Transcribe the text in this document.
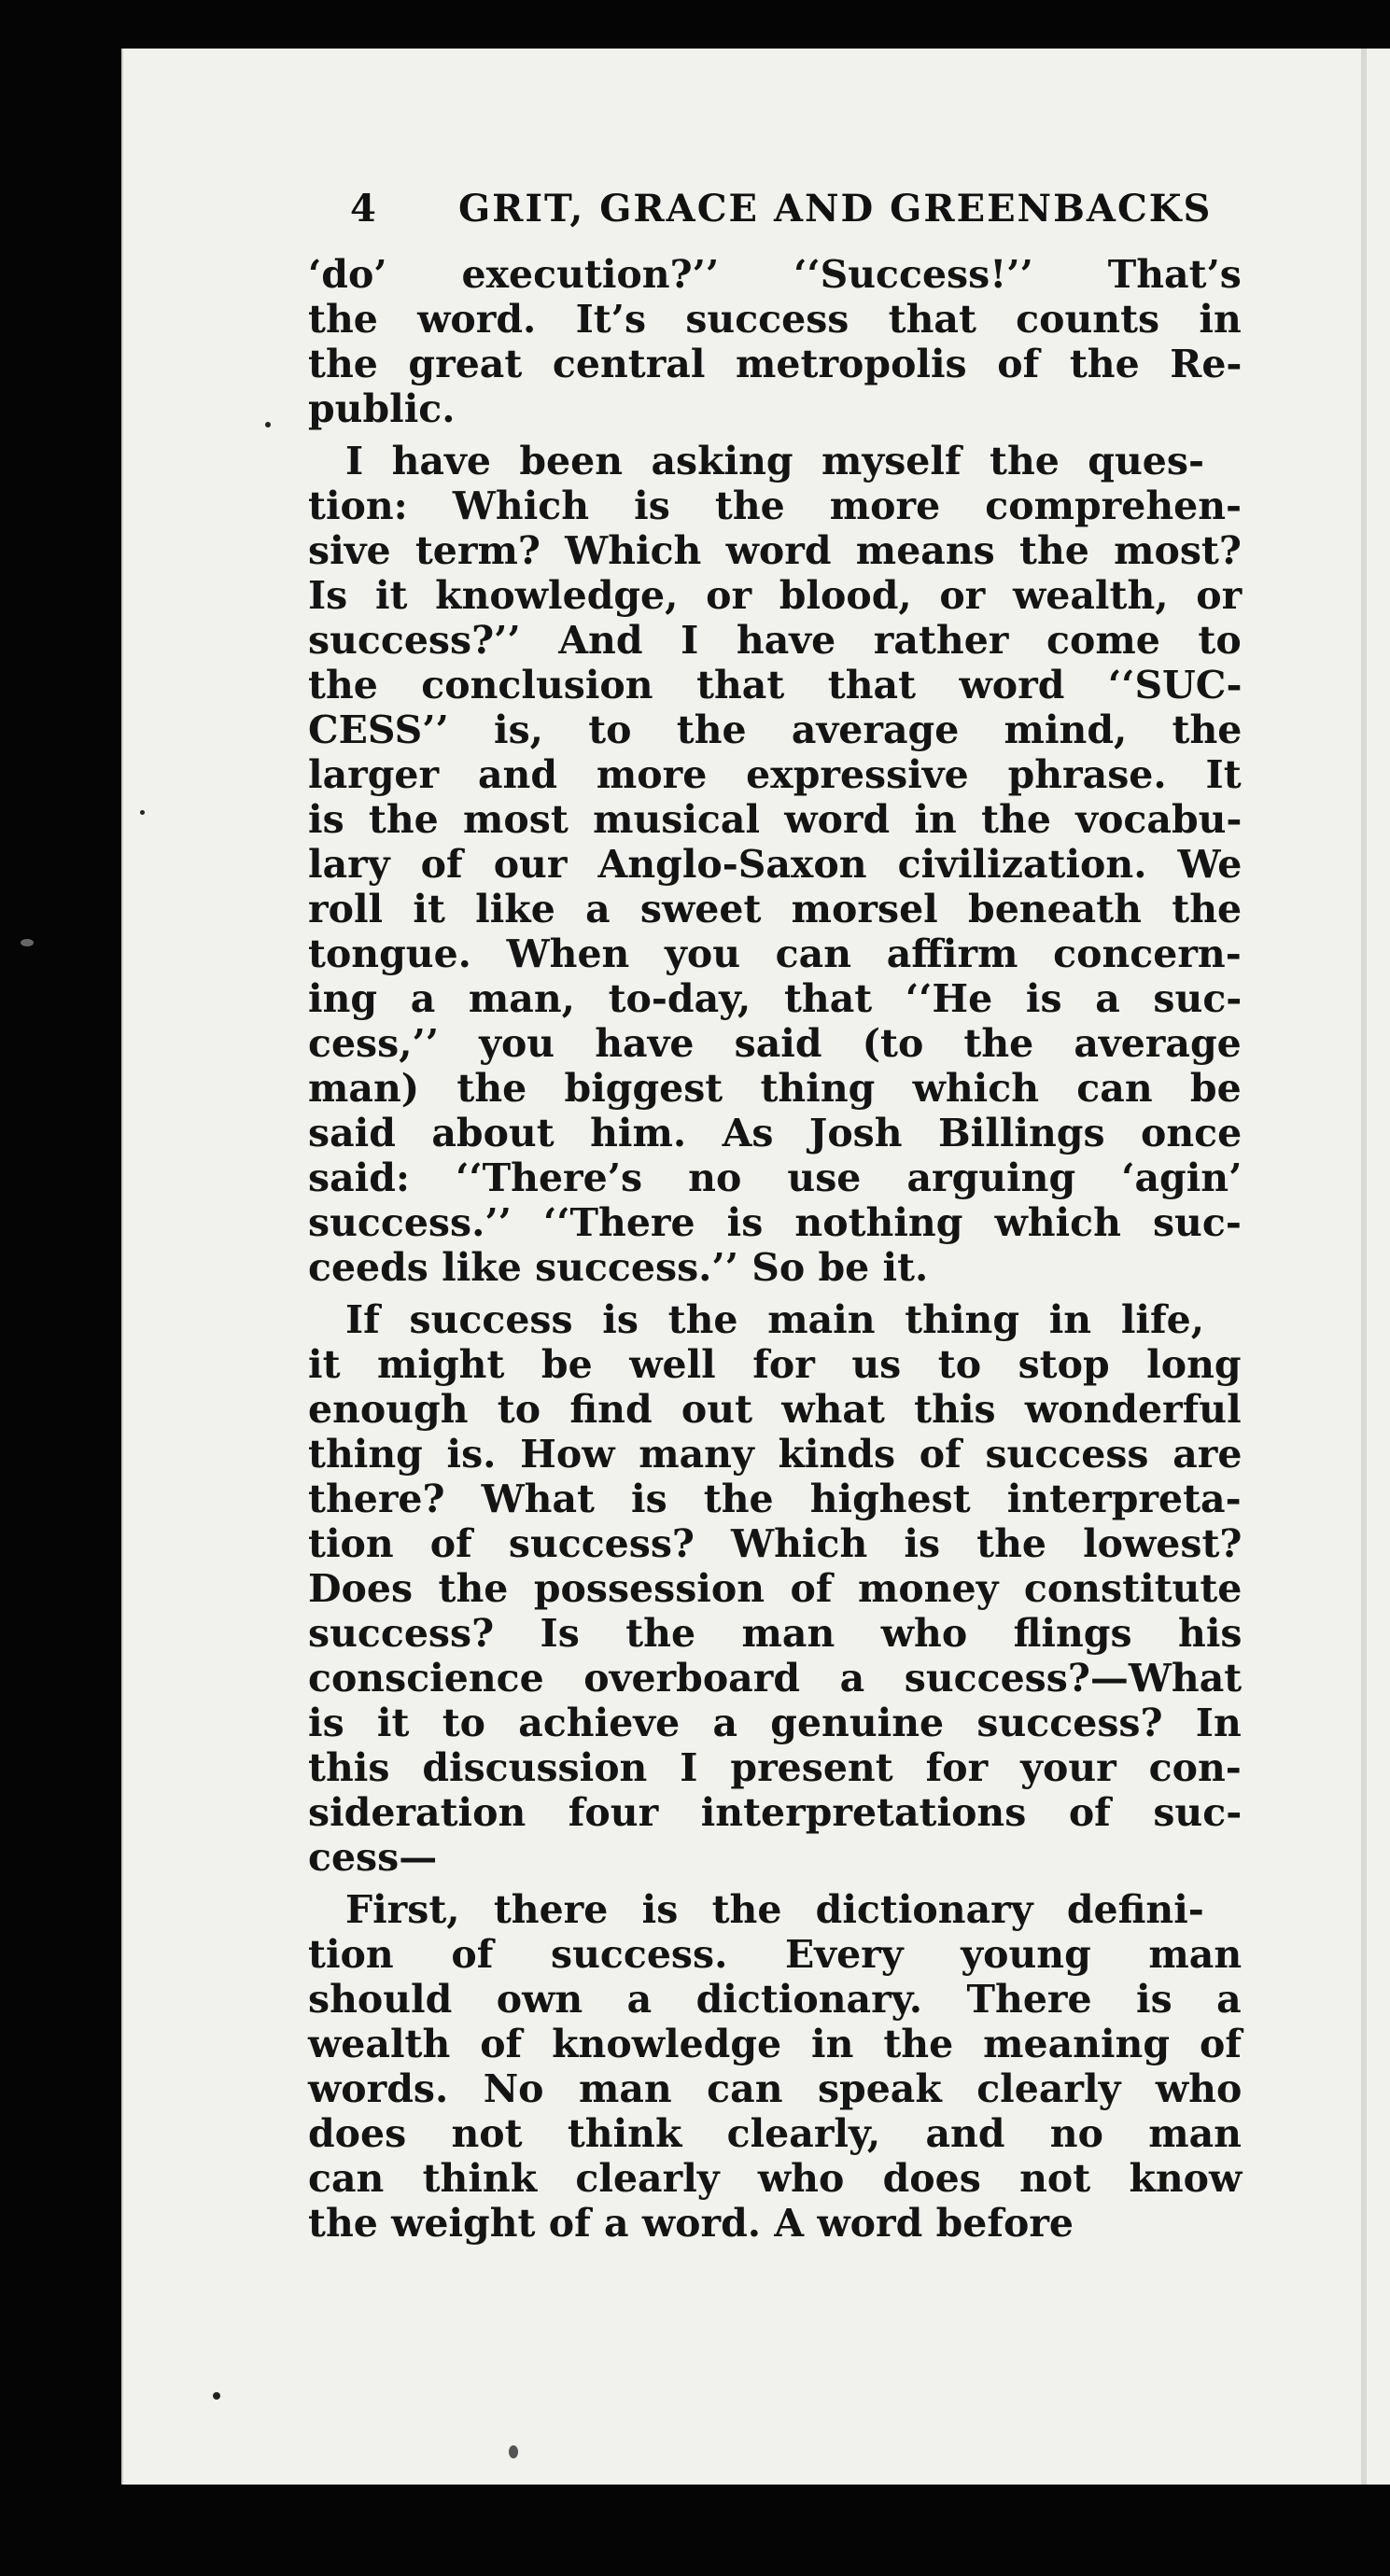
4 GRIT, GRACE AND GREENBACKS

‘do’ execution?’’ ‘‘Success!’’ That’s
the word. It’s success that counts in
the great central metropolis of the Re-
public.

I have been asking myself the ques-
tion: Which is the more comprehen-
sive term? Which word means the most?
Is it knowledge, or blood, or wealth, or
success?’’ And I have rather come to
the conclusion that that word ‘‘SUC-
CESS’’ is, to the average mind, the
larger and more expressive phrase. It
is the most musical word in the vocabu-
lary of our Anglo-Saxon civilization. We
roll it like a sweet morsel beneath the
tongue. When you can affirm concern-
ing a man, to-day, that ‘‘He is a suc-
cess,’’ you have said (to the average
man) the biggest thing which can be
said about him. As Josh Billings once
said: ‘‘There’s no use arguing ‘agin’
success.’’ ‘‘There is nothing which suc-
ceeds like success.’’ So be it.

If success is the main thing in life,
it might be well for us to stop long
enough to find out what this wonderful
thing is. How many kinds of success are
there? What is the highest interpreta-
tion of success? Which is the lowest?
Does the possession of money constitute
success? Is the man who flings his
conscience overboard a success?—What
is it to achieve a genuine success? In
this discussion I present for your con-
sideration four interpretations of suc-
cess—

First, there is the dictionary defini-
tion of success. Every young man
should own a dictionary. There is a
wealth of knowledge in the meaning of
words. No man can speak clearly who
does not think clearly, and no man
can think clearly who does not know
the weight of a word. A word before
